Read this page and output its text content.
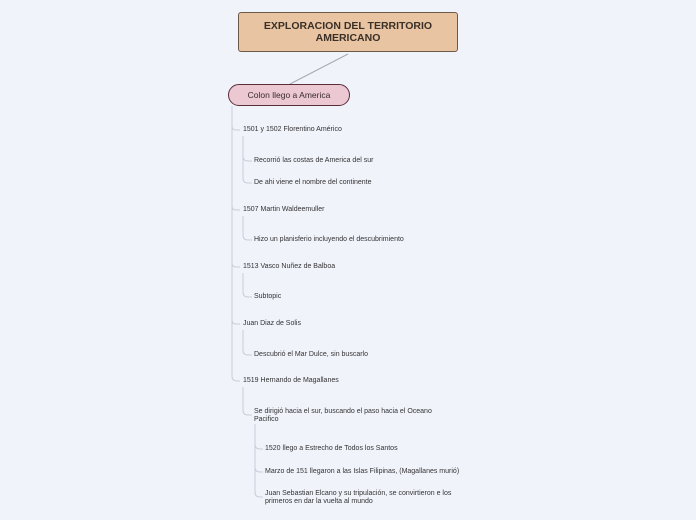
EXPLORACION DEL TERRITORIO AMERICANO
Colon llego a America
1501 y 1502 Florentino Américo
Recorrió las costas de America del sur
De ahi viene el nombre del continente
1507 Martin Waldeemuller
Hizo un planisferio incluyendo el descubrimiento
1513 Vasco Nuñez de Balboa
Subtopic
Juan Diaz de Solis
Descubrió el Mar Dulce, sin buscarlo
1519 Hernando de Magallanes
Se dirigió hacia el sur, buscando el paso hacia el Oceano Pacifico
1520 llego a Estrecho de Todos los Santos
Marzo de 151 llegaron a las Islas Filipinas, (Magallanes murió)
Juan Sebastian Elcano y su tripulación, se convirtieron e los primeros en dar la vuelta al mundo
